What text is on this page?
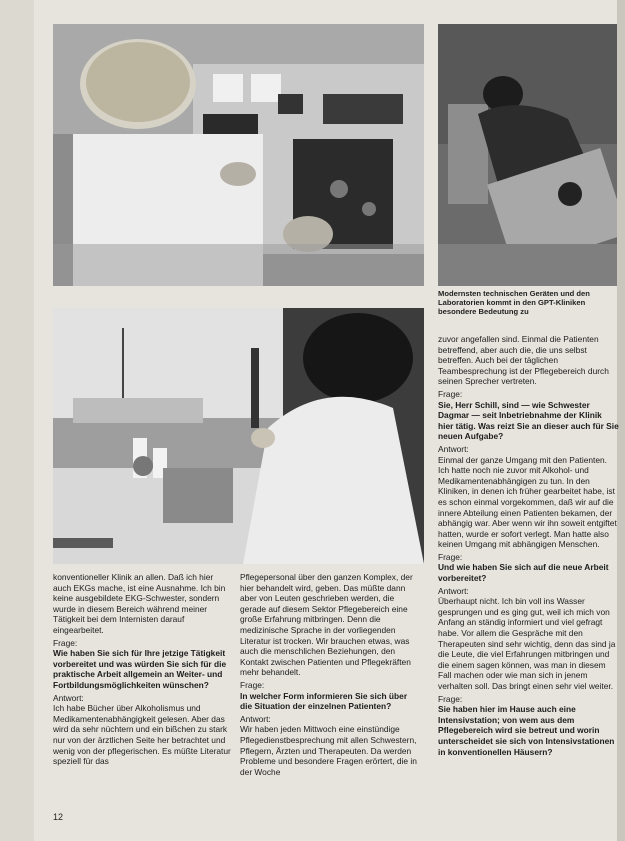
Modernsten technischen Geräten und den Laboratorien kommt in den GPT-Kliniken besondere Bedeutung zu

konventioneller Klinik an allen. Daß ich hier auch EKGs mache, ist eine Ausnahme. Ich bin keine ausgebildete EKG-Schwester, sondern wurde in diesem Bereich während meiner Tätigkeit bei dem Internisten darauf eingearbeitet.

Frage:

Wie haben Sie sich für Ihre jetzige Tätigkeit vorbereitet und was würden Sie sich für die praktische Arbeit allgemein an Weiter- und Fortbildungsmöglichkeiten wünschen?

Antwort:

Ich habe Bücher über Alkoholismus und Medikamentenabhängigkeit gelesen. Aber das wird da sehr nüchtern und ein bißchen zu stark nur von der ärztlichen Seite her betrachtet und wenig von der pflegerischen. Es müßte Literatur speziell für das

Pflegepersonal über den ganzen Komplex, der hier behandelt wird, geben. Das müßte dann aber von Leuten geschrieben werden, die gerade auf diesem Sektor Pflegebereich eine große Erfahrung mitbringen. Denn die medizinische Sprache in der vorliegenden Literatur ist trocken. Wir brauchen etwas, was auch die menschlichen Beziehungen, den Kontakt zwischen Patienten und Pflegekräften mehr behandelt.

Frage:

In welcher Form informieren Sie sich über die Situation der einzelnen Patienten?

Antwort:

Wir haben jeden Mittwoch eine einstündige Pflegedienstbesprechung mit allen Schwestern, Pflegern, Ärzten und Therapeuten. Da werden Probleme und besondere Fragen erörtert, die in der Woche

zuvor angefallen sind. Einmal die Patienten betreffend, aber auch die, die uns selbst betreffen. Auch bei der täglichen Teambesprechung ist der Pflegebereich durch seinen Sprecher vertreten.

Frage:

Sie, Herr Schill, sind — wie Schwester Dagmar — seit Inbetriebnahme der Klinik hier tätig. Was reizt Sie an dieser auch für Sie neuen Aufgabe?

Antwort:

Einmal der ganze Umgang mit den Patienten. Ich hatte noch nie zuvor mit Alkohol- und Medikamentenabhängigen zu tun. In den Kliniken, in denen ich früher gearbeitet habe, ist es schon einmal vorgekommen, daß wir auf die innere Abteilung einen Patienten bekamen, der abhängig war. Aber wenn wir ihn soweit entgiftet hatten, wurde er sofort verlegt. Man hatte also keinen Umgang mit abhängigen Menschen.

Frage:

Und wie haben Sie sich auf die neue Arbeit vorbereitet?

Antwort:

Überhaupt nicht. Ich bin voll ins Wasser gesprungen und es ging gut, weil ich mich von Anfang an ständig informiert und viel gefragt habe. Vor allem die Gespräche mit den Therapeuten sind sehr wichtig, denn das sind ja die Leute, die viel Erfahrungen mitbringen und die einem sagen können, was man in diesem Fall machen oder wie man sich in jenem verhalten soll. Das bringt einen sehr viel weiter.

Frage:

Sie haben hier im Hause auch eine Intensivstation; von wem aus dem Pflegebereich wird sie betreut und worin unterscheidet sie sich von Intensivstationen in konventionellen Häusern?

12
